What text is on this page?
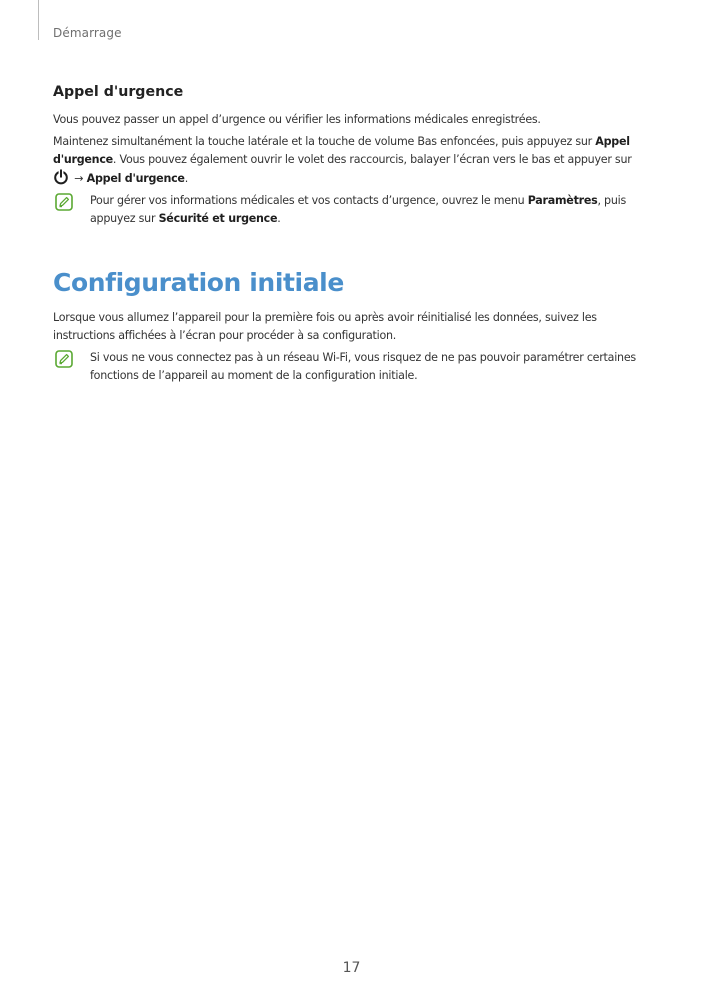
Démarrage
Appel d'urgence

Vous pouvez passer un appel d’urgence ou vérifier les informations médicales enregistrées.

Maintenez simultanément la touche latérale et la touche de volume Bas enfoncées, puis appuyez sur Appel d'urgence. Vous pouvez également ouvrir le volet des raccourcis, balayer l’écran vers le bas et appuyer sur  → Appel d'urgence.

Pour gérer vos informations médicales et vos contacts d’urgence, ouvrez le menu Paramètres, puis appuyez sur Sécurité et urgence.

Configuration initiale

Lorsque vous allumez l’appareil pour la première fois ou après avoir réinitialisé les données, suivez les instructions affichées à l’écran pour procéder à sa configuration.

Si vous ne vous connectez pas à un réseau Wi-Fi, vous risquez de ne pas pouvoir paramétrer certaines fonctions de l’appareil au moment de la configuration initiale.

17
